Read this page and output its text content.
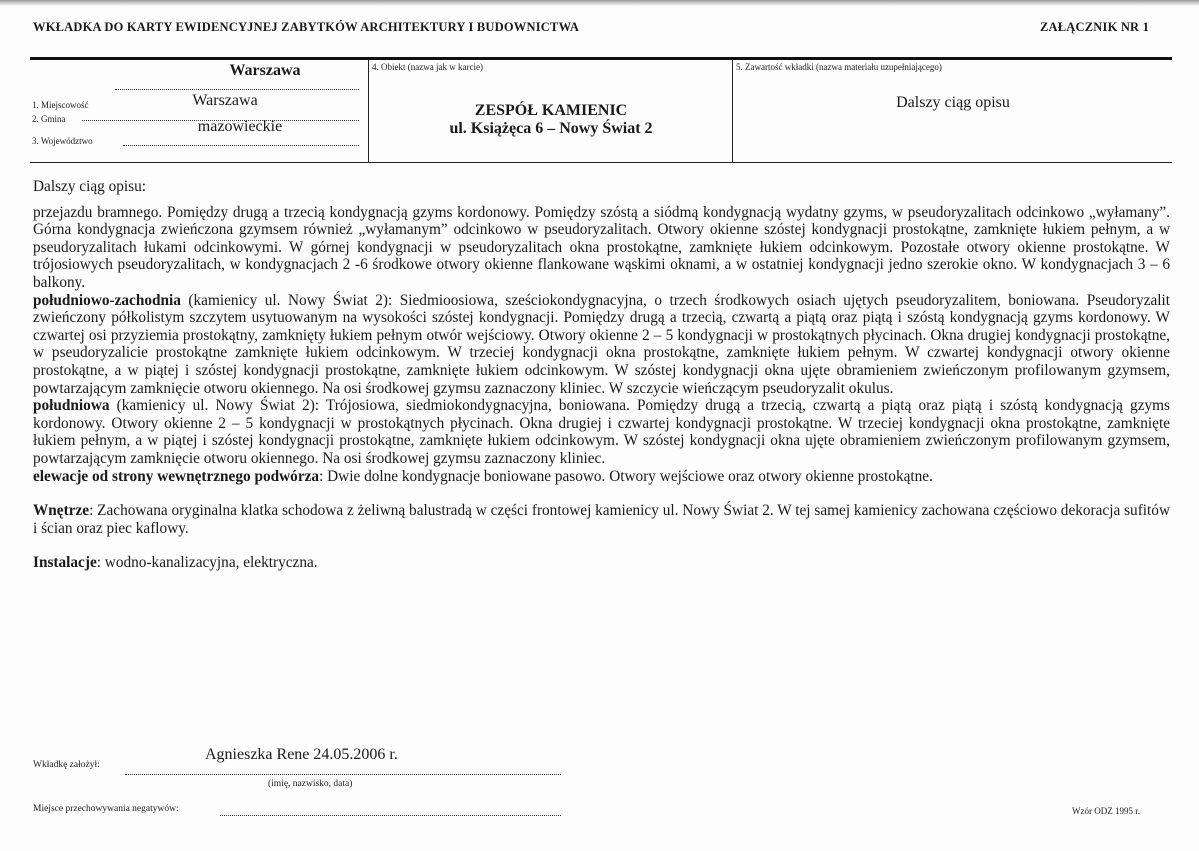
WKŁADKA DO KARTY EWIDENCYJNEJ ZABYTKÓW ARCHITEKTURY I BUDOWNICTWA	ZAŁĄCZNIK NR 1
1. Miejscowość
Warszawa
2. Gmina
Warszawa
3. Województwo
mazowieckie
4. Obiekt (nazwa jak w karcie)
ZESPÓŁ KAMIENIC
ul. Książęca 6 – Nowy Świat 2
5. Zawartość wkładki (nazwa materiału uzupełniającego)
Dalszy ciąg opisu

Dalszy ciąg opisu:

przejazdu bramnego. Pomiędzy drugą a trzecią kondygnacją gzyms kordonowy. Pomiędzy szóstą a siódmą kondygnacją wydatny gzyms, w pseudoryzalitach odcinkowo „wyłamany”. Górna kondygnacja zwieńczona gzymsem również „wyłamanym” odcinkowo w pseudoryzalitach. Otwory okienne szóstej kondygnacji prostokątne, zamknięte łukiem pełnym, a w pseudoryzalitach łukami odcinkowymi. W górnej kondygnacji w pseudoryzalitach okna prostokątne, zamknięte łukiem odcinkowym. Pozostałe otwory okienne prostokątne. W trójosiowych pseudoryzalitach, w kondygnacjach 2 -6 środkowe otwory okienne flankowane wąskimi oknami, a w ostatniej kondygnacji jedno szerokie okno. W kondygnacjach 3 – 6 balkony.

południowo-zachodnia (kamienicy ul. Nowy Świat 2): Siedmioosiowa, sześciokondygnacyjna, o trzech środkowych osiach ujętych pseudoryzalitem, boniowana. Pseudoryzalit zwieńczony półkolistym szczytem usytuowanym na wysokości szóstej kondygnacji. Pomiędzy drugą a trzecią, czwartą a piątą oraz piątą i szóstą kondygnacją gzyms kordonowy. W czwartej osi przyziemia prostokątny, zamknięty łukiem pełnym otwór wejściowy. Otwory okienne 2 – 5 kondygnacji w prostokątnych płycinach. Okna drugiej kondygnacji prostokątne, w pseudoryzalicie prostokątne zamknięte łukiem odcinkowym. W trzeciej kondygnacji okna prostokątne, zamknięte łukiem pełnym. W czwartej kondygnacji otwory okienne prostokątne, a w piątej i szóstej kondygnacji prostokątne, zamknięte łukiem odcinkowym. W szóstej kondygnacji okna ujęte obramieniem zwieńczonym profilowanym gzymsem, powtarzającym zamknięcie otworu okiennego. Na osi środkowej gzymsu zaznaczony kliniec. W szczycie wieńczącym pseudoryzalit okulus.

południowa (kamienicy ul. Nowy Świat 2): Trójosiowa, siedmiokondygnacyjna, boniowana. Pomiędzy drugą a trzecią, czwartą a piątą oraz piątą i szóstą kondygnacją gzyms kordonowy. Otwory okienne 2 – 5 kondygnacji w prostokątnych płycinach. Okna drugiej i czwartej kondygnacji prostokątne. W trzeciej kondygnacji okna prostokątne, zamknięte łukiem pełnym, a w piątej i szóstej kondygnacji prostokątne, zamknięte łukiem odcinkowym. W szóstej kondygnacji okna ujęte obramieniem zwieńczonym profilowanym gzymsem, powtarzającym zamknięcie otworu okiennego. Na osi środkowej gzymsu zaznaczony kliniec.

elewacje od strony wewnętrznego podwórza: Dwie dolne kondygnacje boniowane pasowo. Otwory wejściowe oraz otwory okienne prostokątne.

Wnętrze: Zachowana oryginalna klatka schodowa z żeliwną balustradą w części frontowej kamienicy ul. Nowy Świat 2. W tej samej kamienicy zachowana częściowo dekoracja sufitów i ścian oraz piec kaflowy.

Instalacje: wodno-kanalizacyjna, elektryczna.

Wkładkę założył:
Agnieszka Rene 24.05.2006 r.
(imię, nazwisko, data)
Miejsce przechowywania negatywów:	Wzór ODZ 1995 r.
